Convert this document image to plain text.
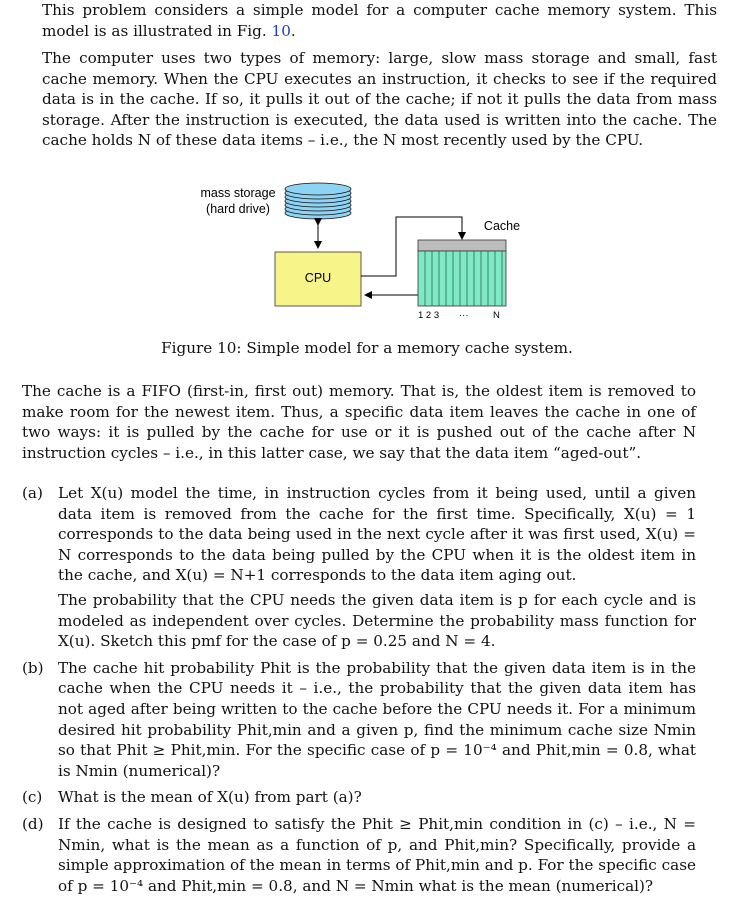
This problem considers a simple model for a computer cache memory system. This model is as illustrated in Fig. 10.

The computer uses two types of memory: large, slow mass storage and small, fast cache memory. When the CPU executes an instruction, it checks to see if the required data is in the cache. If so, it pulls it out of the cache; if not it pulls the data from mass storage. After the instruction is executed, the data used is written into the cache. The cache holds N of these data items – i.e., the N most recently used by the CPU.

mass storage
(hard drive)
CPU
Cache
1 2 3 ···	N

Figure 10: Simple model for a memory cache system.

The cache is a FIFO (first-in, first out) memory. That is, the oldest item is removed to make room for the newest item. Thus, a specific data item leaves the cache in one of two ways: it is pulled by the cache for use or it is pushed out of the cache after N instruction cycles – i.e., in this latter case, we say that the data item “aged-out”.

(a) Let X(u) model the time, in instruction cycles from it being used, until a given data item is removed from the cache for the first time. Specifically, X(u) = 1 corresponds to the data being used in the next cycle after it was first used, X(u) = N corresponds to the data being pulled by the CPU when it is the oldest item in the cache, and X(u) = N+1 corresponds to the data item aging out.

The probability that the CPU needs the given data item is p for each cycle and is modeled as independent over cycles. Determine the probability mass function for X(u). Sketch this pmf for the case of p = 0.25 and N = 4.

(b) The cache hit probability Phit is the probability that the given data item is in the cache when the CPU needs it – i.e., the probability that the given data item has not aged after being written to the cache before the CPU needs it. For a minimum desired hit probability Phit,min and a given p, find the minimum cache size Nmin so that Phit ≥ Phit,min. For the specific case of p = 10⁻⁴ and Phit,min = 0.8, what is Nmin (numerical)?

(c)	What is the mean of X(u) from part (a)?

(d) If the cache is designed to satisfy the Phit ≥ Phit,min condition in (c) – i.e., N = Nmin, what is the mean as a function of p, and Phit,min? Specifically, provide a simple approximation of the mean in terms of Phit,min and p. For the specific case of p = 10⁻⁴ and Phit,min = 0.8, and N = Nmin what is the mean (numerical)?
